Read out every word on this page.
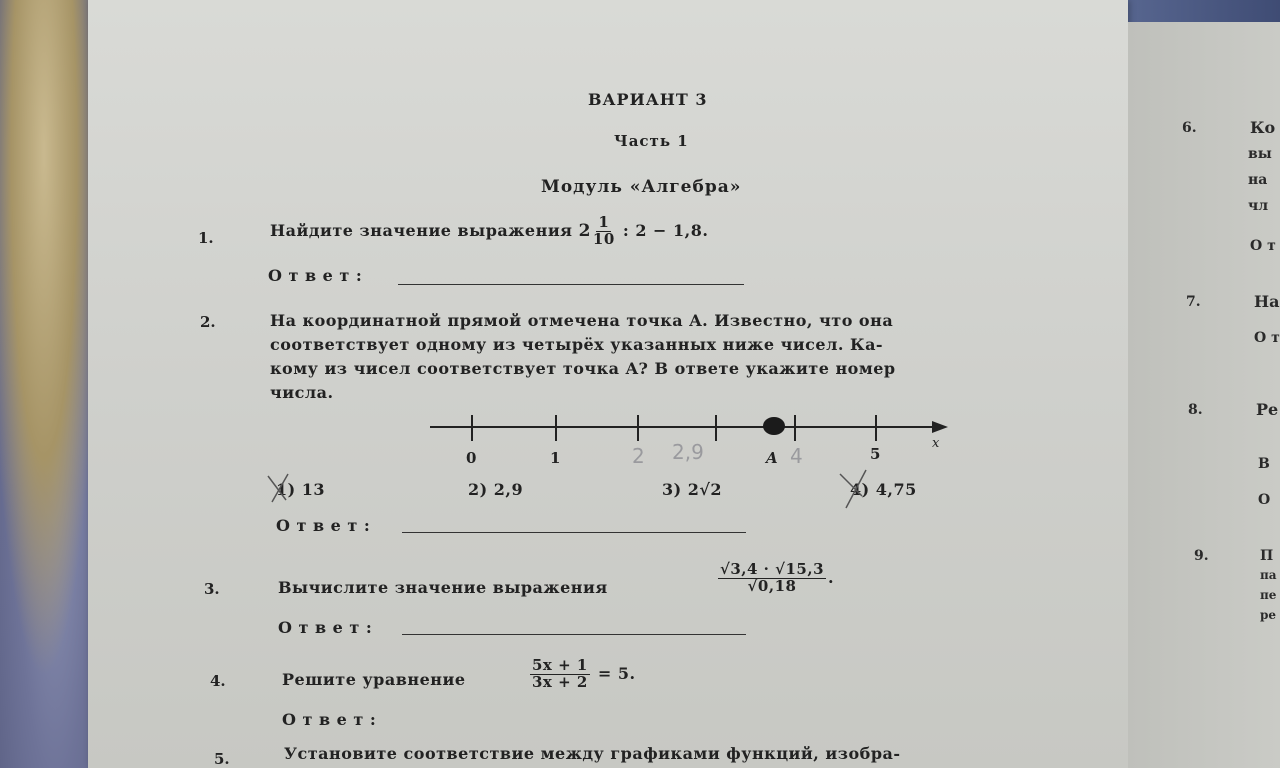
ВАРИАНТ 3
Часть 1
Модуль «Алгебра»
1.	Найдите значение выражения $2 \frac{1}{10}$ : 2 − 1,8.
О т в е т :
2.	На координатной прямой отмечена точка A. Известно, что она
соответствует одному из четырёх указанных ниже чисел. Ка-
кому из чисел соответствует точка A? В ответе укажите номер
числа.
0	1	A	5
x
2 2,9	4
1) 13	2) 2,9	3) 2√2	4) 4,75
О т в е т :
3.	Вычислите значение выражения	$\frac{√3,4 \cdot √15,3}{√0,18}$ .
О т в е т :
4.	Решите уравнение	$\frac{5x + 1}{3x + 2} = 5$.
О т в е т :
5.	Установите соответствие между графиками функций, изобра-
6.	Ко
вы
на
чл
О т
7.	На
О т
8.	Ре
В
О
9.	П
па
пе
ре
